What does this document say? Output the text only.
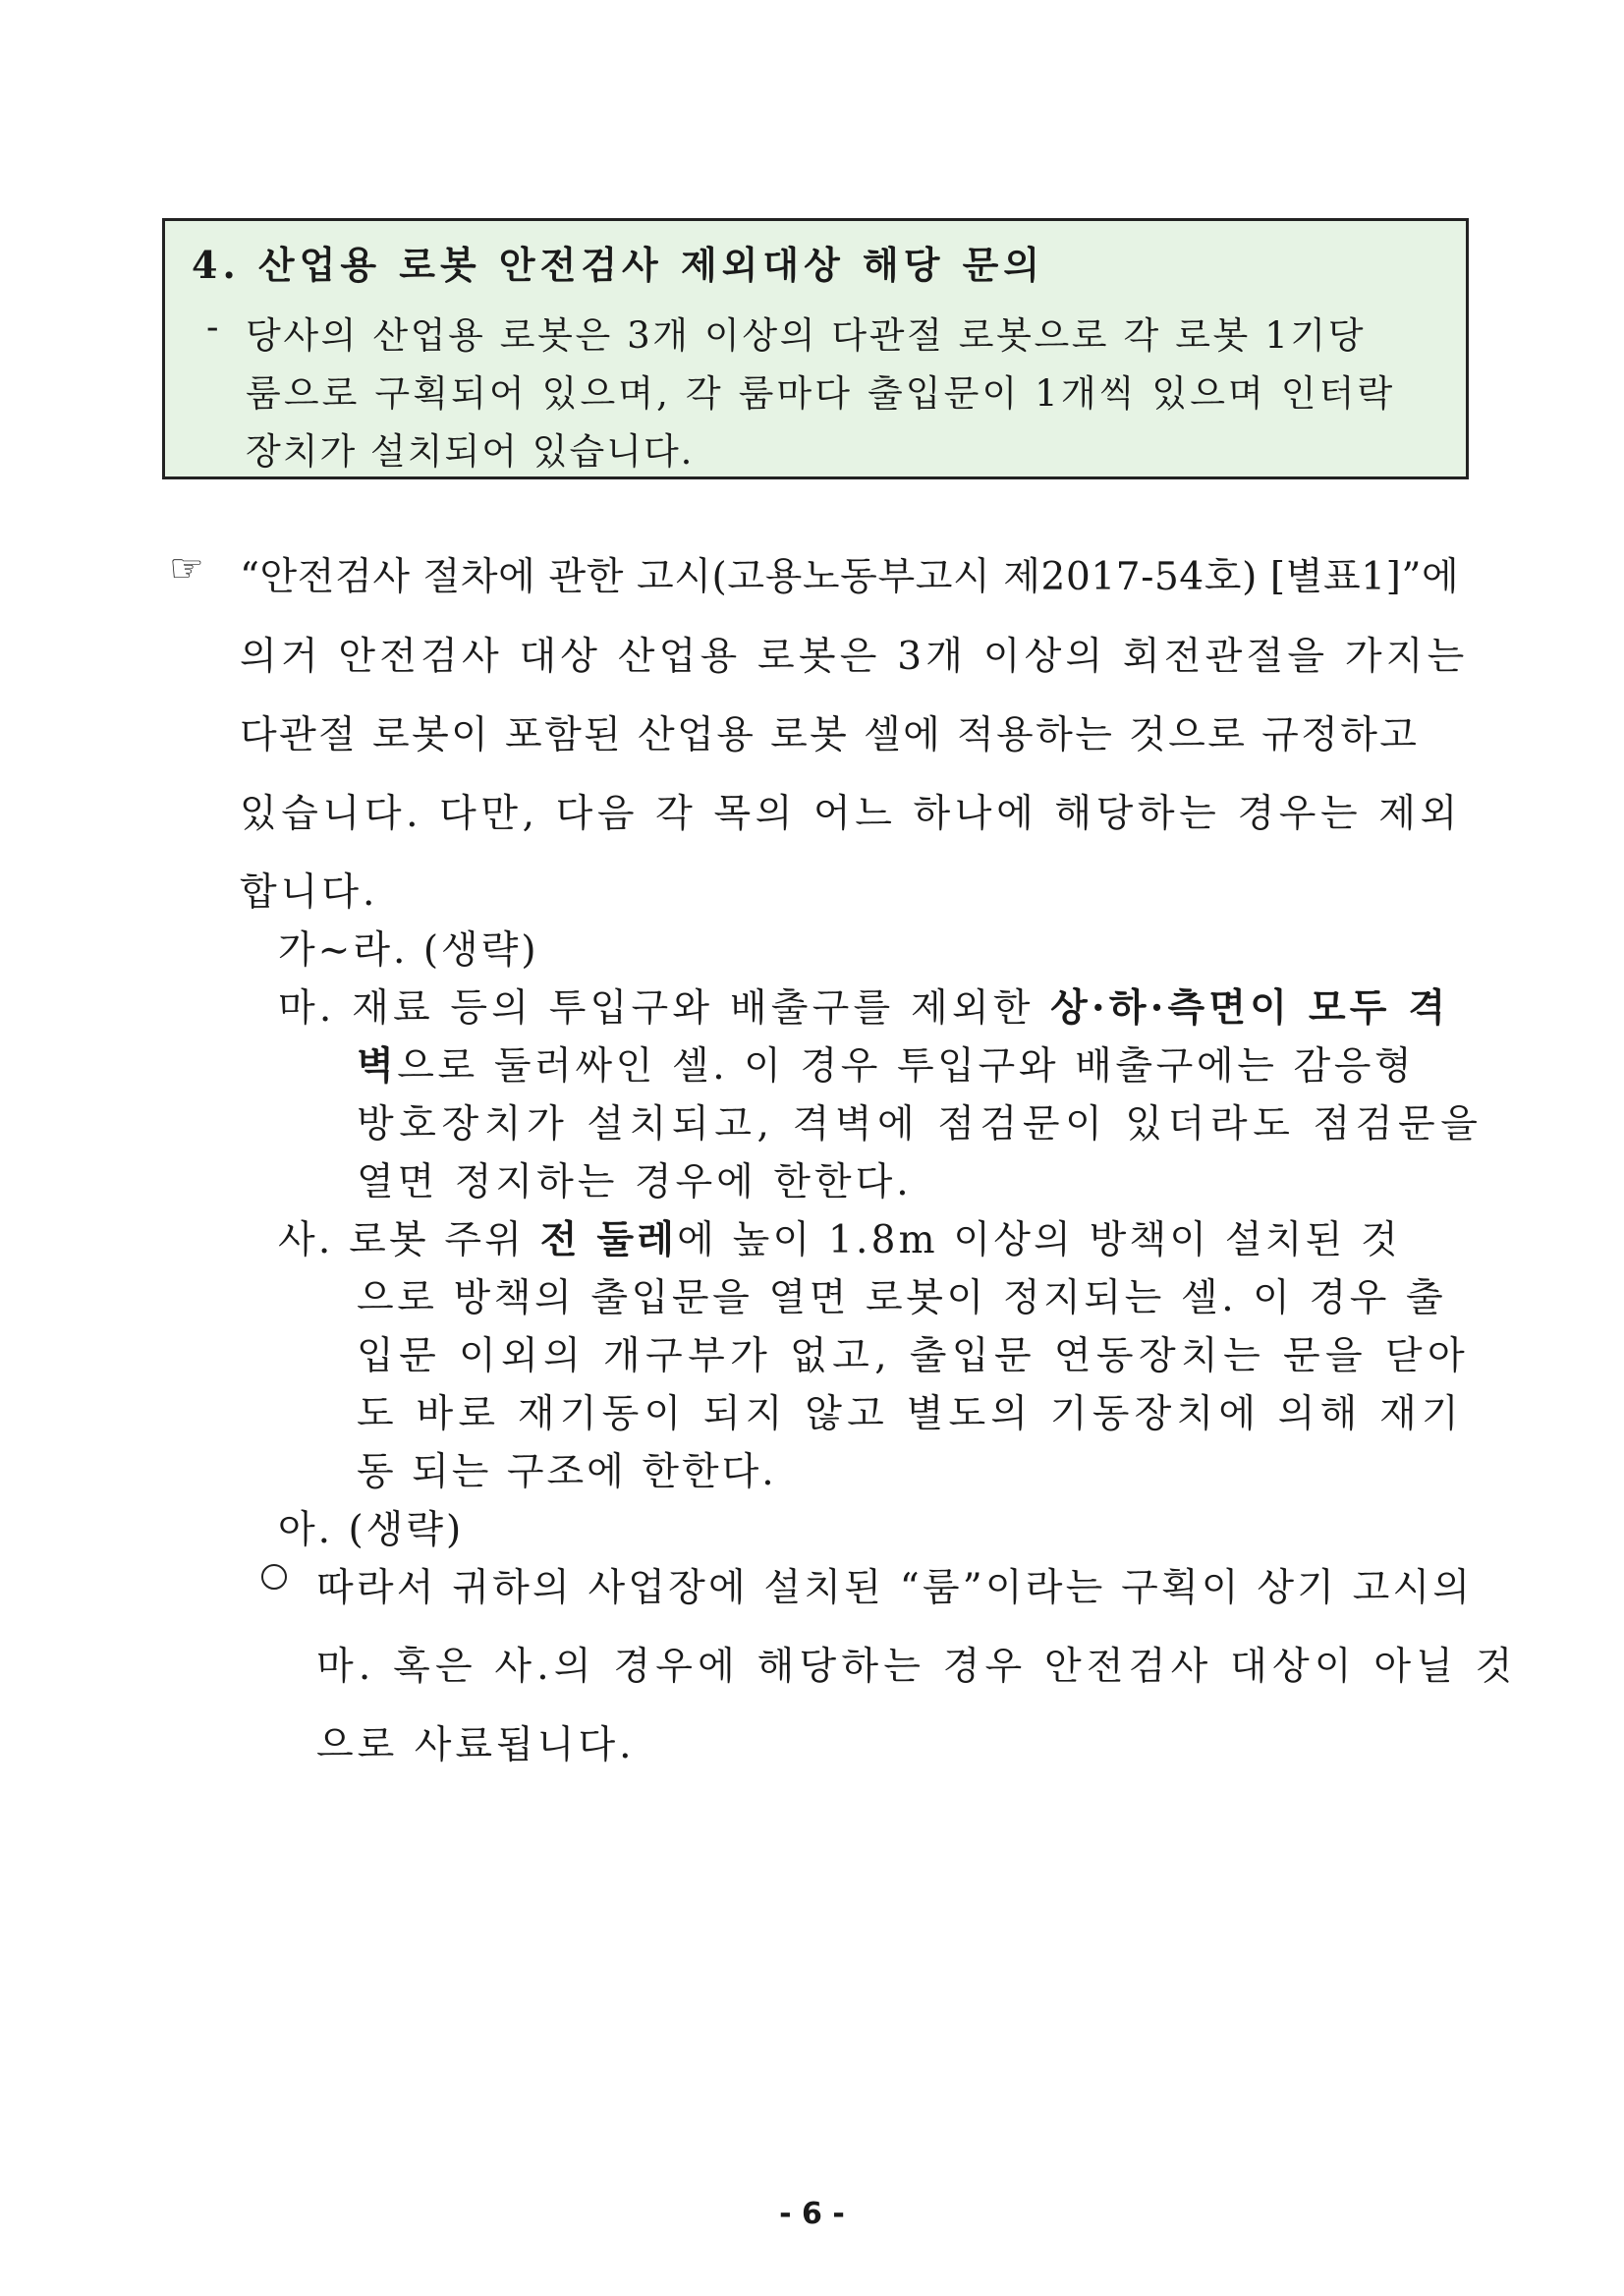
4. 산업용 로봇 안전검사 제외대상 해당 문의
- 당사의 산업용 로봇은 3개 이상의 다관절 로봇으로 각 로봇 1기당
룸으로 구획되어 있으며, 각 룸마다 출입문이 1개씩 있으며 인터락
장치가 설치되어 있습니다.
☞ “안전검사 절차에 관한 고시(고용노동부고시 제2017-54호) [별표1]”에
의거 안전검사 대상 산업용 로봇은 3개 이상의 회전관절을 가지는
다관절 로봇이 포함된 산업용 로봇 셀에 적용하는 것으로 규정하고
있습니다. 다만, 다음 각 목의 어느 하나에 해당하는 경우는 제외
합니다.
가∼라. (생략)
마. 재료 등의 투입구와 배출구를 제외한 상·하·측면이 모두 격
벽으로 둘러싸인 셀. 이 경우 투입구와 배출구에는 감응형
방호장치가 설치되고, 격벽에 점검문이 있더라도 점검문을
열면 정지하는 경우에 한한다.
사. 로봇 주위 전 둘레에 높이 1.8m 이상의 방책이 설치된 것
으로 방책의 출입문을 열면 로봇이 정지되는 셀. 이 경우 출
입문 이외의 개구부가 없고, 출입문 연동장치는 문을 닫아
도 바로 재기동이 되지 않고 별도의 기동장치에 의해 재기
동 되는 구조에 한한다.
아. (생략)
따라서 귀하의 사업장에 설치된 “룸”이라는 구획이 상기 고시의
마. 혹은 사.의 경우에 해당하는 경우 안전검사 대상이 아닐 것
으로 사료됩니다.
- 6 -
